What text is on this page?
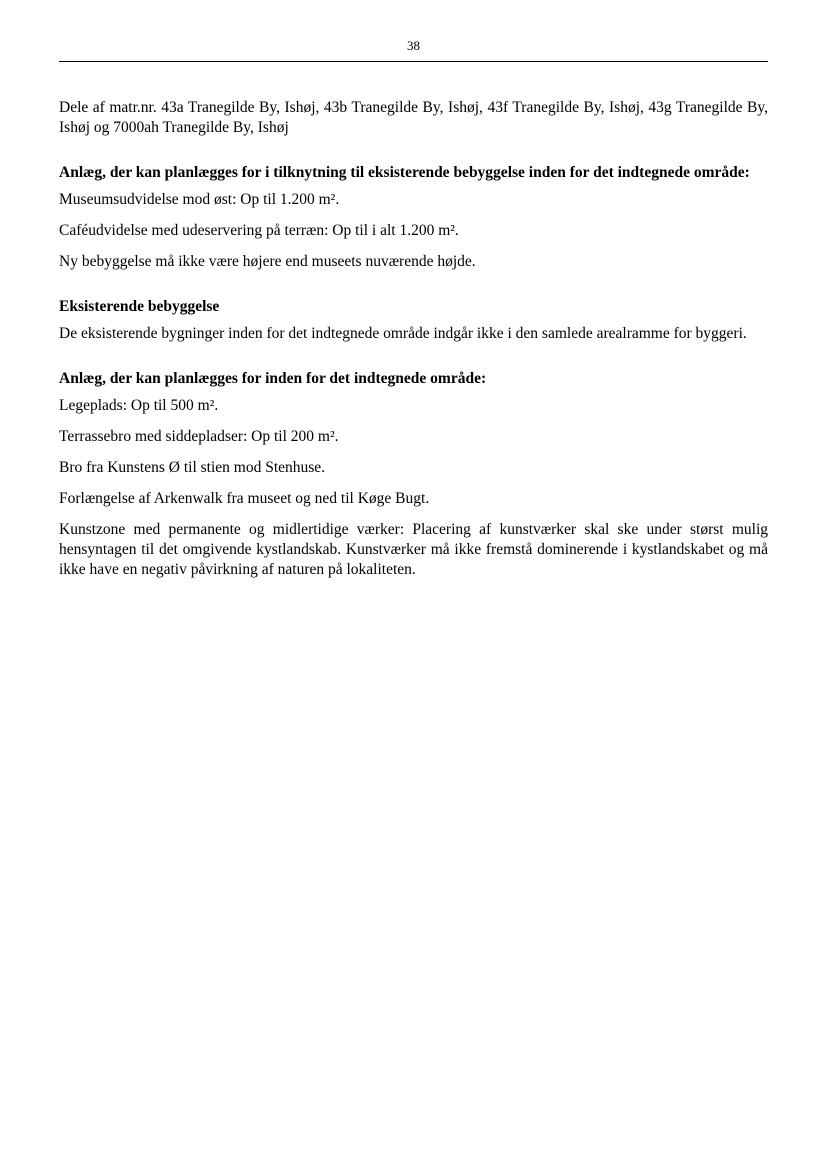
38

Dele af matr.nr. 43a Tranegilde By, Ishøj, 43b Tranegilde By, Ishøj, 43f Tranegilde By, Ishøj, 43g Tranegilde By, Ishøj og 7000ah Tranegilde By, Ishøj

Anlæg, der kan planlægges for i tilknytning til eksisterende bebyggelse inden for det indtegnede område:

Museumsudvidelse mod øst: Op til 1.200 m².

Caféudvidelse med udeservering på terræn: Op til i alt 1.200 m².

Ny bebyggelse må ikke være højere end museets nuværende højde.

Eksisterende bebyggelse

De eksisterende bygninger inden for det indtegnede område indgår ikke i den samlede arealramme for byggeri.

Anlæg, der kan planlægges for inden for det indtegnede område:

Legeplads: Op til 500 m².

Terrassebro med siddepladser: Op til 200 m².

Bro fra Kunstens Ø til stien mod Stenhuse.

Forlængelse af Arkenwalk fra museet og ned til Køge Bugt.

Kunstzone med permanente og midlertidige værker: Placering af kunstværker skal ske under størst mulig hensyntagen til det omgivende kystlandskab. Kunstværker må ikke fremstå dominerende i kystlandskabet og må ikke have en negativ påvirkning af naturen på lokaliteten.
